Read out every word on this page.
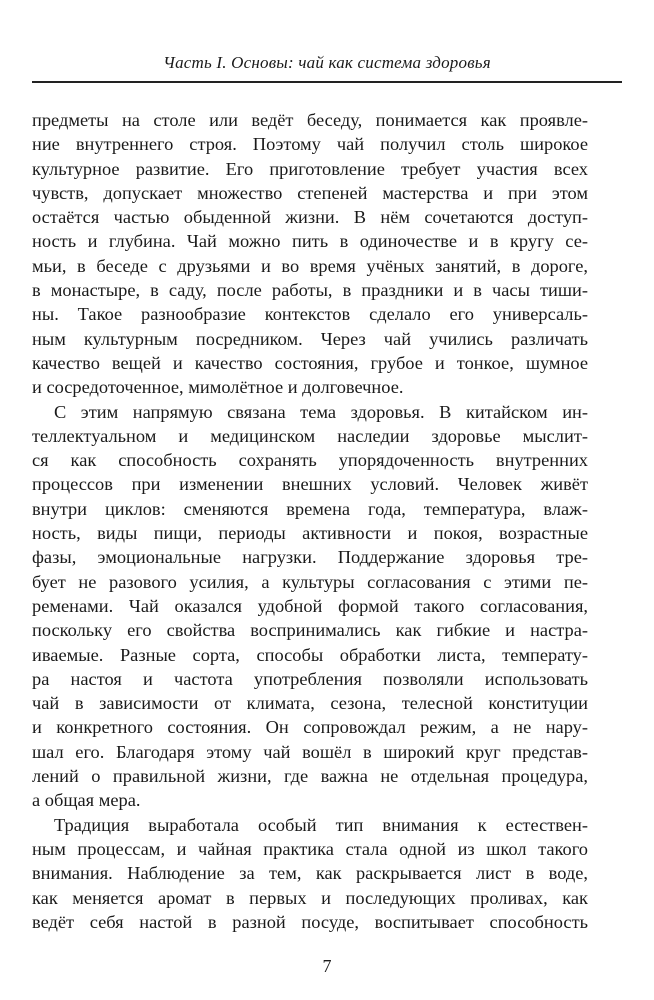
Часть I. Основы: чай как система здоровья
предметы на столе или ведёт беседу, понимается как проявле-
ние внутреннего строя. Поэтому чай получил столь широкое
культурное развитие. Его приготовление требует участия всех
чувств, допускает множество степеней мастерства и при этом
остаётся частью обыденной жизни. В нём сочетаются доступ-
ность и глубина. Чай можно пить в одиночестве и в кругу се-
мьи, в беседе с друзьями и во время учёных занятий, в дороге,
в монастыре, в саду, после работы, в праздники и в часы тиши-
ны. Такое разнообразие контекстов сделало его универсаль-
ным культурным посредником. Через чай учились различать
качество вещей и качество состояния, грубое и тонкое, шумное
и сосредоточенное, мимолётное и долговечное.
С этим напрямую связана тема здоровья. В китайском ин-
теллектуальном и медицинском наследии здоровье мыслит-
ся как способность сохранять упорядоченность внутренних
процессов при изменении внешних условий. Человек живёт
внутри циклов: сменяются времена года, температура, влаж-
ность, виды пищи, периоды активности и покоя, возрастные
фазы, эмоциональные нагрузки. Поддержание здоровья тре-
бует не разового усилия, а культуры согласования с этими пе-
ременами. Чай оказался удобной формой такого согласования,
поскольку его свойства воспринимались как гибкие и настра-
иваемые. Разные сорта, способы обработки листа, температу-
ра настоя и частота употребления позволяли использовать
чай в зависимости от климата, сезона, телесной конституции
и конкретного состояния. Он сопровождал режим, а не нару-
шал его. Благодаря этому чай вошёл в широкий круг представ-
лений о правильной жизни, где важна не отдельная процедура,
а общая мера.
Традиция выработала особый тип внимания к естествен-
ным процессам, и чайная практика стала одной из школ такого
внимания. Наблюдение за тем, как раскрывается лист в воде,
как меняется аромат в первых и последующих проливах, как
ведёт себя настой в разной посуде, воспитывает способность
7
